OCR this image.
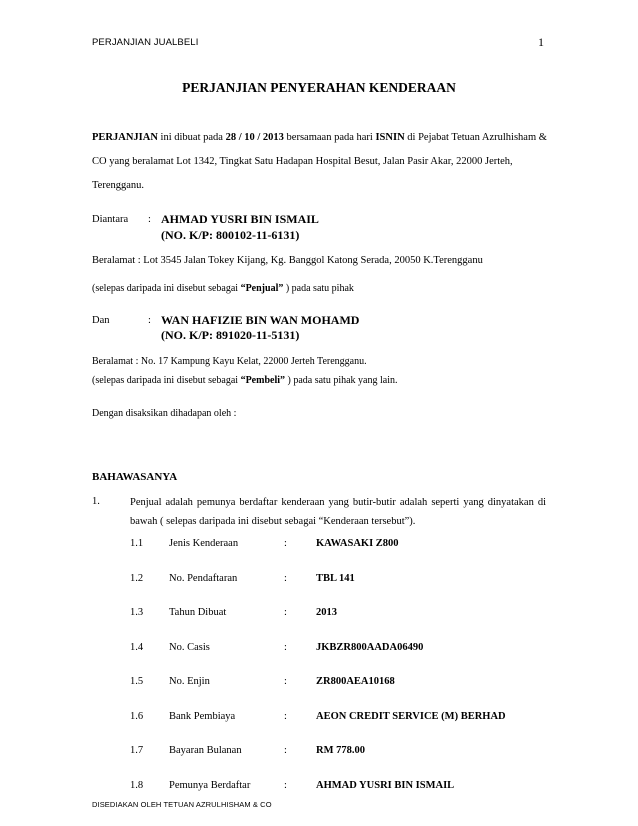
PERJANJIAN JUALBELI	1
PERJANJIAN PENYERAHAN KENDERAAN
PERJANJIAN ini dibuat pada 28 / 10 / 2013 bersamaan pada hari ISNIN di Pejabat Tetuan Azrulhisham & CO yang beralamat Lot 1342, Tingkat Satu Hadapan Hospital Besut, Jalan Pasir Akar, 22000 Jerteh, Terengganu.
Diantara : AHMAD YUSRI BIN ISMAIL
(NO. K/P: 800102-11-6131)
Beralamat : Lot 3545 Jalan Tokey Kijang, Kg. Banggol Katong Serada, 20050 K.Terengganu
(selepas daripada ini disebut sebagai “Penjual” ) pada satu pihak
Dan	: WAN HAFIZIE BIN WAN MOHAMD
(NO. K/P: 891020-11-5131)
Beralamat : No. 17 Kampung Kayu Kelat, 22000 Jerteh Terengganu.
(selepas daripada ini disebut sebagai “Pembeli” ) pada satu pihak yang lain.
Dengan disaksikan dihadapan oleh :
BAHAWASANYA
1.	Penjual adalah pemunya berdaftar kenderaan yang butir-butir adalah seperti yang dinyatakan di bawah ( selepas daripada ini disebut sebagai “Kenderaan tersebut”).
1.1 Jenis Kenderaan	:	KAWASAKI Z800
1.2 No. Pendaftaran	:	TBL 141
1.3 Tahun Dibuat	:	2013
1.4 No. Casis	:	JKBZR800AADA06490
1.5 No. Enjin	:	ZR800AEA10168
1.6 Bank Pembiaya	:	AEON CREDIT SERVICE (M) BERHAD
1.7 Bayaran Bulanan	:	RM 778.00
1.8 Pemunya Berdaftar	:	AHMAD YUSRI BIN ISMAIL
DISEDIAKAN OLEH TETUAN AZRULHISHAM & CO
